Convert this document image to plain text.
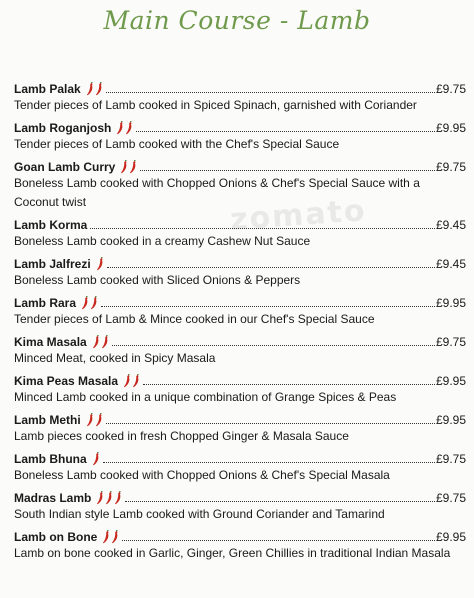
Main Course - Lamb
zomato
Lamb Palak	£9.75
Tender pieces of Lamb cooked in Spiced Spinach, garnished with Coriander
Lamb Roganjosh	£9.95
Tender pieces of Lamb cooked with the Chef's Special Sauce
Goan Lamb Curry	£9.75
Boneless Lamb cooked with Chopped Onions & Chef's Special Sauce with a Coconut twist
Lamb Korma	£9.45
Boneless Lamb cooked in a creamy Cashew Nut Sauce
Lamb Jalfrezi	£9.45
Boneless Lamb cooked with Sliced Onions & Peppers
Lamb Rara	£9.95
Tender pieces of Lamb & Mince cooked in our Chef's Special Sauce
Kima Masala	£9.75
Minced Meat, cooked in Spicy Masala
Kima Peas Masala	£9.95
Minced Lamb cooked in a unique combination of Grange Spices & Peas
Lamb Methi	£9.95
Lamb pieces cooked in fresh Chopped Ginger & Masala Sauce
Lamb Bhuna	£9.75
Boneless Lamb cooked with Chopped Onions & Chef's Special Masala
Madras Lamb	£9.75
South Indian style Lamb cooked with Ground Coriander and Tamarind
Lamb on Bone	£9.95
Lamb on bone cooked in Garlic, Ginger, Green Chillies in traditional Indian Masala
